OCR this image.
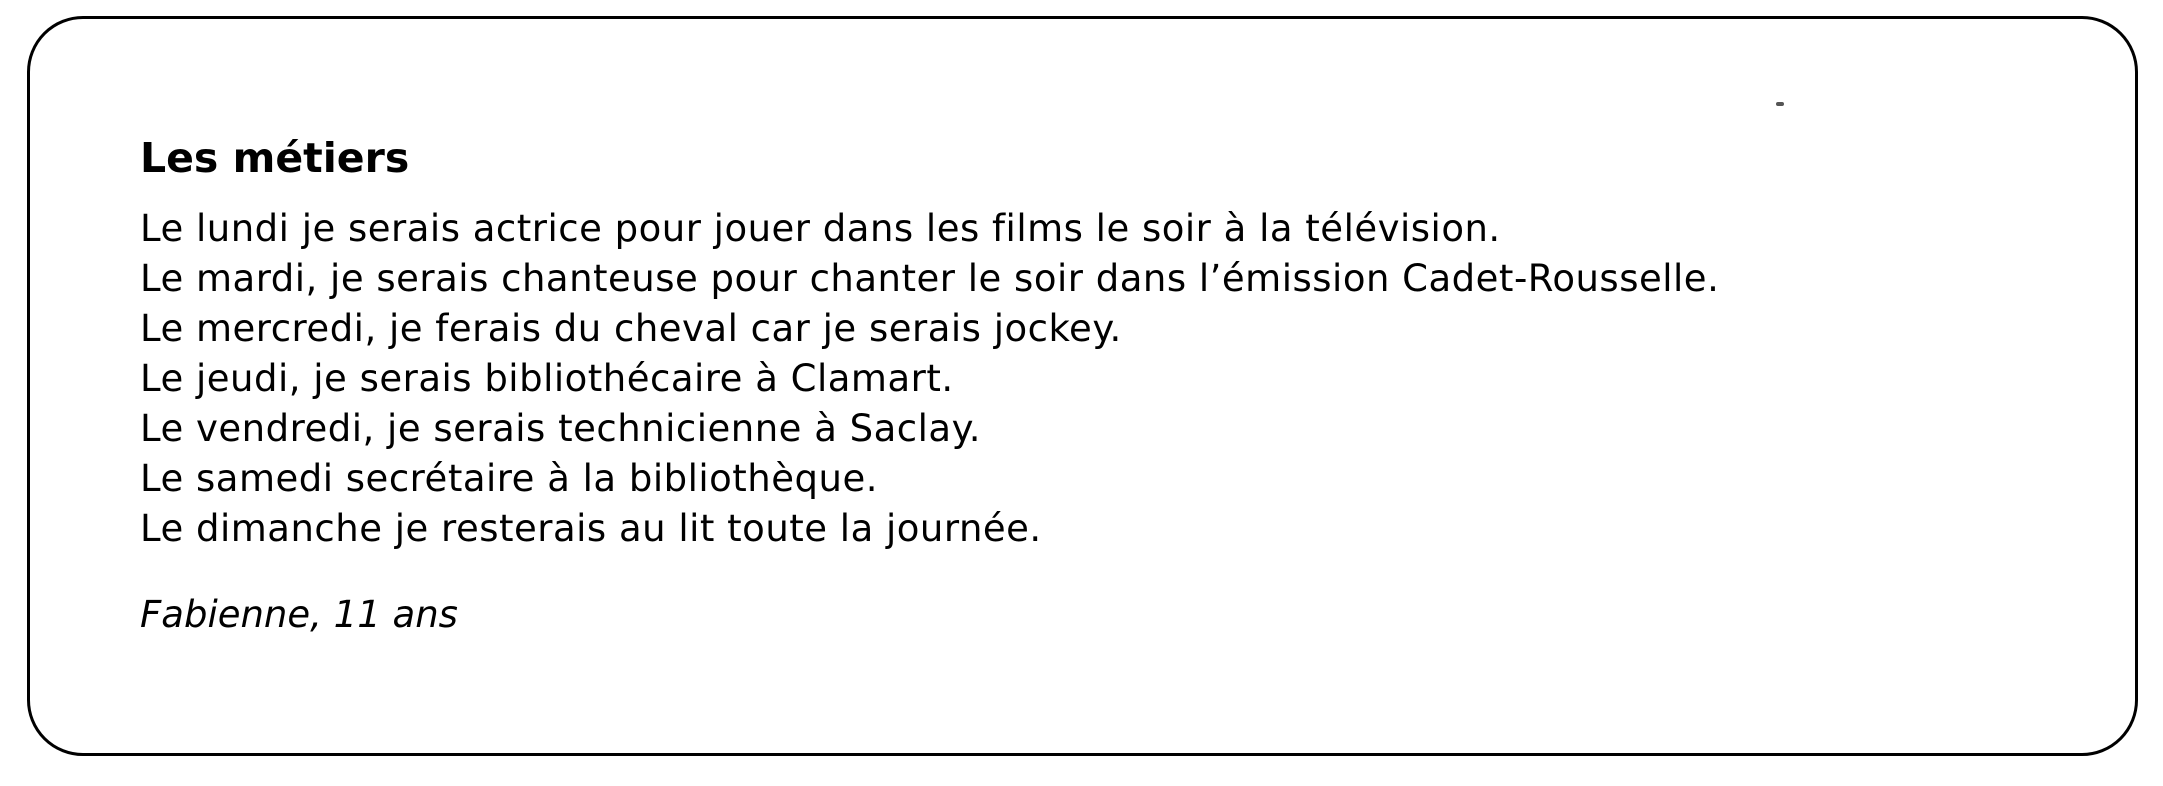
Les métiers
Le lundi je serais actrice pour jouer dans les films le soir à la télévision.
Le mardi, je serais chanteuse pour chanter le soir dans l’émission Cadet-Rousselle.
Le mercredi, je ferais du cheval car je serais jockey.
Le jeudi, je serais bibliothécaire à Clamart.
Le vendredi, je serais technicienne à Saclay.
Le samedi secrétaire à la bibliothèque.
Le dimanche je resterais au lit toute la journée.
Fabienne, 11 ans
